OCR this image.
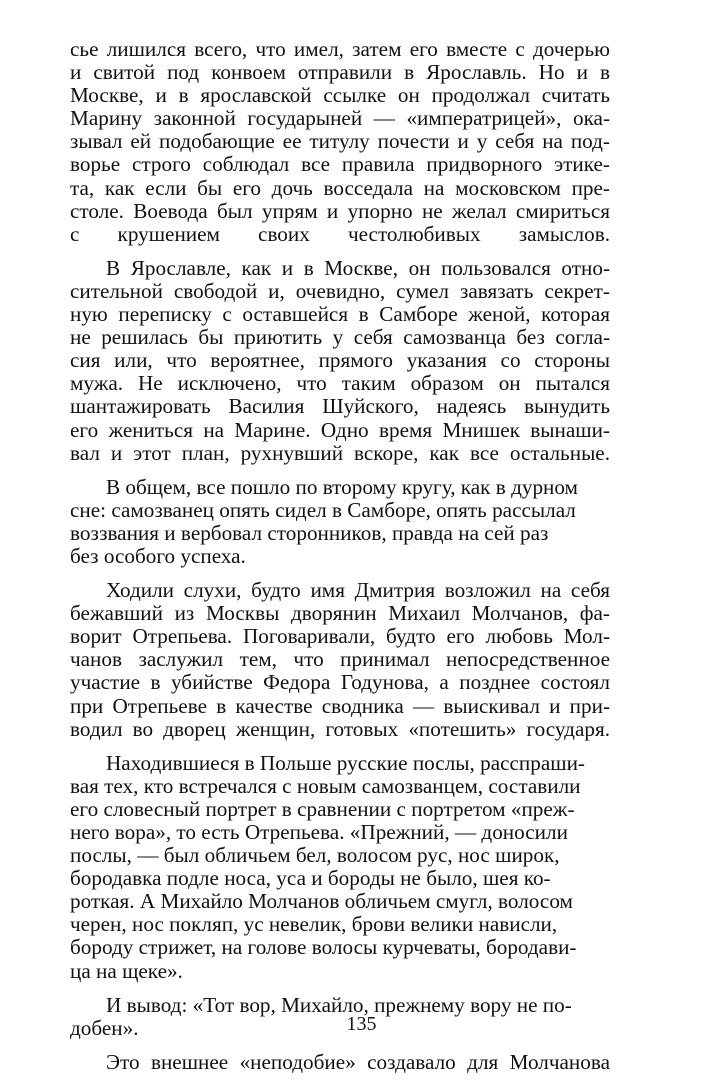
сье лишился всего, что имел, затем его вместе с дочерью
и свитой под конвоем отправили в Ярославль. Но и в
Москве, и в ярославской ссылке он продолжал считать
Марину законной государыней — «императрицей», ока-
зывал ей подобающие ее титулу почести и у себя на под-
ворье строго соблюдал все правила придворного этике-
та, как если бы его дочь восседала на московском пре-
столе. Воевода был упрям и упорно не желал смириться
с крушением своих честолюбивых замыслов.

В Ярославле, как и в Москве, он пользовался отно-
сительной свободой и, очевидно, сумел завязать секрет-
ную переписку с оставшейся в Самборе женой, которая
не решилась бы приютить у себя самозванца без согла-
сия или, что вероятнее, прямого указания со стороны
мужа. Не исключено, что таким образом он пытался
шантажировать Василия Шуйского, надеясь вынудить
его жениться на Марине. Одно время Мнишек вынаши-
вал и этот план, рухнувший вскоре, как все остальные.

В общем, все пошло по второму кругу, как в дурном
сне: самозванец опять сидел в Самборе, опять рассылал
воззвания и вербовал сторонников, правда на сей раз
без особого успеха.

Ходили слухи, будто имя Дмитрия возложил на себя
бежавший из Москвы дворянин Михаил Молчанов, фа-
ворит Отрепьева. Поговаривали, будто его любовь Мол-
чанов заслужил тем, что принимал непосредственное
участие в убийстве Федора Годунова, а позднее состоял
при Отрепьеве в качестве сводника — выискивал и при-
водил во дворец женщин, готовых «потешить» государя.

Находившиеся в Польше русские послы, расспраши-
вая тех, кто встречался с новым самозванцем, составили
его словесный портрет в сравнении с портретом «преж-
него вора», то есть Отрепьева. «Прежний, — доносили
послы, — был обличьем бел, волосом рус, нос широк,
бородавка подле носа, уса и бороды не было, шея ко-
роткая. А Михайло Молчанов обличьем смугл, волосом
черен, нос покляп, ус невелик, брови велики нависли,
бороду стрижет, на голове волосы курчеваты, бородави-
ца на щеке».

И вывод: «Тот вор, Михайло, прежнему вору не по-
добен».

Это внешнее «неподобие» создавало для Молчанова

135
